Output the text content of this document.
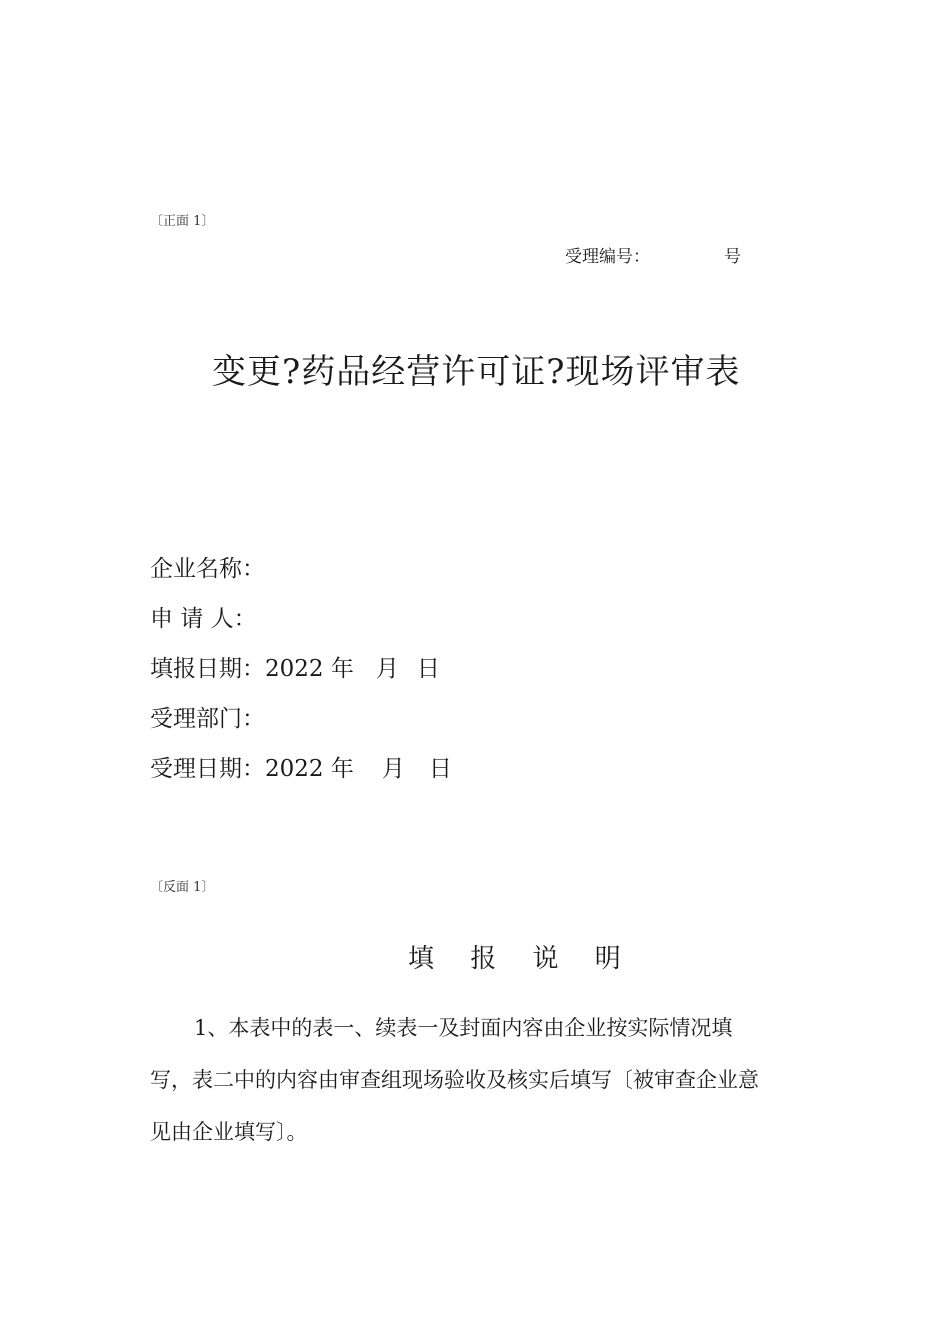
〔正面 1〕
受理编号：	号
变更?药品经营许可证?现场评审表
企业名称：
申 请 人：
填报日期：2022 年 月 日
受理部门：
受理日期：2022 年 月 日
〔反面 1〕
填 报 说 明
1、本表中的表一、续表一及封面内容由企业按实际情况填
写，表二中的内容由审查组现场验收及核实后填写〔被审查企业意
见由企业填写〕。
